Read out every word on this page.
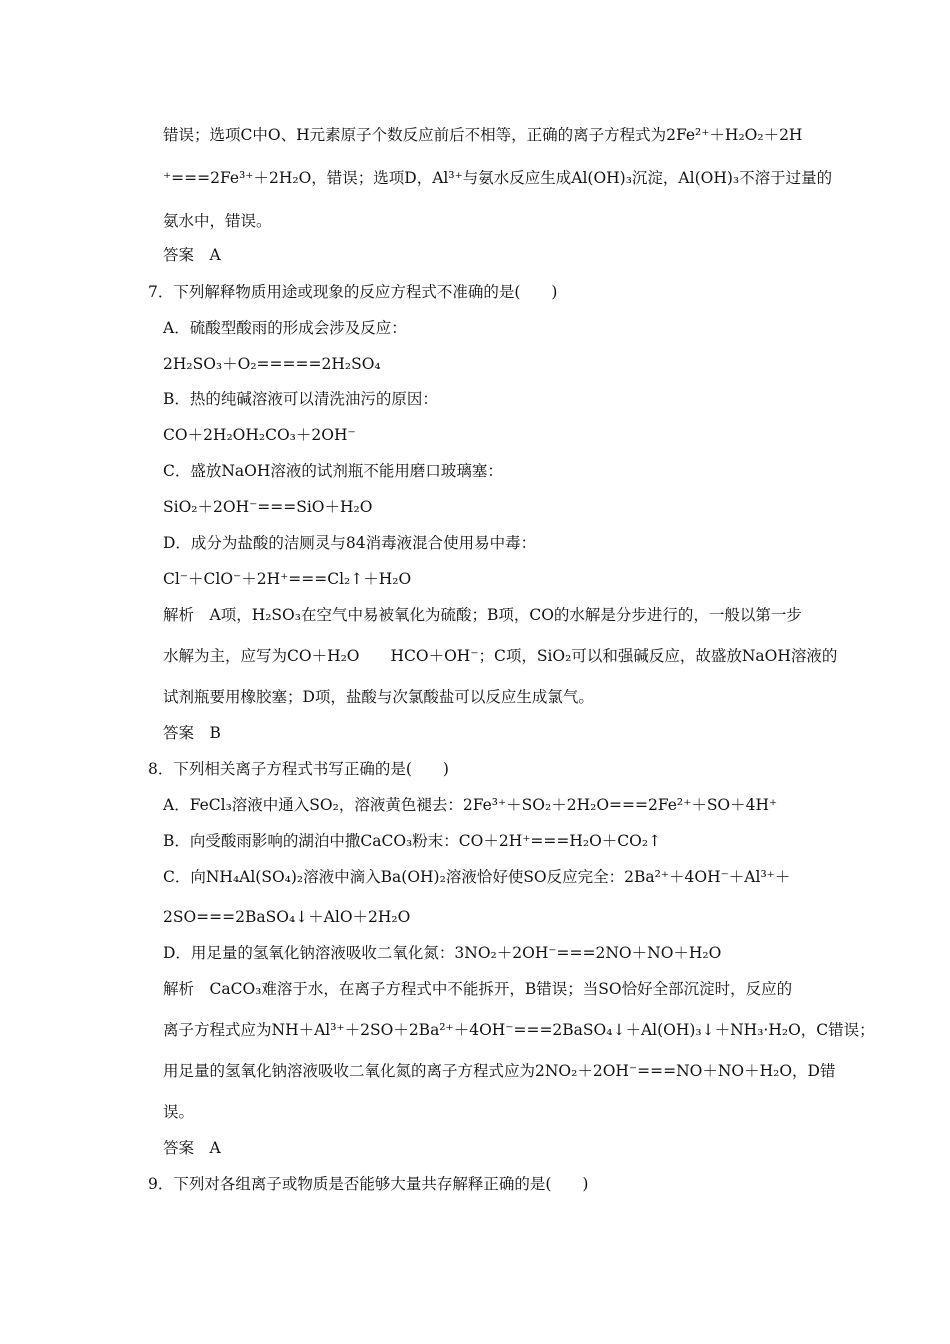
错误；选项C中O、H元素原子个数反应前后不相等，正确的离子方程式为2Fe²⁺＋H₂O₂＋2H
⁺===2Fe³⁺＋2H₂O，错误；选项D，Al³⁺与氨水反应生成Al(OH)₃沉淀，Al(OH)₃不溶于过量的
氨水中，错误。
答案　A
7．下列解释物质用途或现象的反应方程式不准确的是(　　)
A．硫酸型酸雨的形成会涉及反应：
2H₂SO₃＋O₂=====2H₂SO₄
B．热的纯碱溶液可以清洗油污的原因：
CO＋2H₂OH₂CO₃＋2OH⁻
C．盛放NaOH溶液的试剂瓶不能用磨口玻璃塞：
SiO₂＋2OH⁻===SiO＋H₂O
D．成分为盐酸的洁厕灵与84消毒液混合使用易中毒：
Cl⁻＋ClO⁻＋2H⁺===Cl₂↑＋H₂O
解析　A项，H₂SO₃在空气中易被氧化为硫酸；B项，CO的水解是分步进行的，一般以第一步
水解为主，应写为CO＋H₂O　　HCO＋OH⁻；C项，SiO₂可以和强碱反应，故盛放NaOH溶液的
试剂瓶要用橡胶塞；D项，盐酸与次氯酸盐可以反应生成氯气。
答案　B
8．下列相关离子方程式书写正确的是(　　)
A．FeCl₃溶液中通入SO₂，溶液黄色褪去：2Fe³⁺＋SO₂＋2H₂O===2Fe²⁺＋SO＋4H⁺
B．向受酸雨影响的湖泊中撒CaCO₃粉末：CO＋2H⁺===H₂O＋CO₂↑
C．向NH₄Al(SO₄)₂溶液中滴入Ba(OH)₂溶液恰好使SO反应完全：2Ba²⁺＋4OH⁻＋Al³⁺＋
2SO===2BaSO₄↓＋AlO＋2H₂O
D．用足量的氢氧化钠溶液吸收二氧化氮：3NO₂＋2OH⁻===2NO＋NO＋H₂O
解析　CaCO₃难溶于水，在离子方程式中不能拆开，B错误；当SO恰好全部沉淀时，反应的
离子方程式应为NH＋Al³⁺＋2SO＋2Ba²⁺＋4OH⁻===2BaSO₄↓＋Al(OH)₃↓＋NH₃·H₂O，C错误；
用足量的氢氧化钠溶液吸收二氧化氮的离子方程式应为2NO₂＋2OH⁻===NO＋NO＋H₂O，D错
误。
答案　A
9．下列对各组离子或物质是否能够大量共存解释正确的是(　　)
